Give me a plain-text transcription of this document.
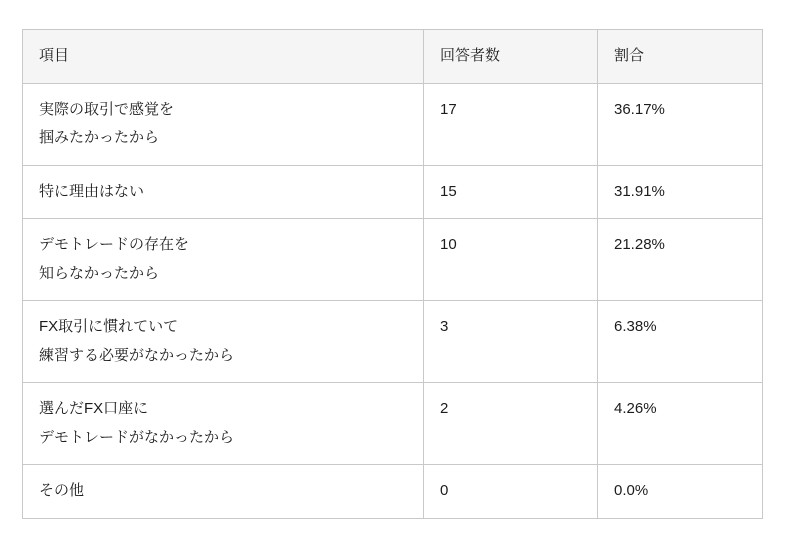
項目	回答者数	割合

実際の取引で感覚を
掴みたかったから	17	36.17%

特に理由はない	15	31.91%

デモトレードの存在を
知らなかったから	10	21.28%

FX取引に慣れていて
練習する必要がなかったから	3	6.38%

選んだFX口座に
デモトレードがなかったから	2	4.26%

その他	0	0.0%
